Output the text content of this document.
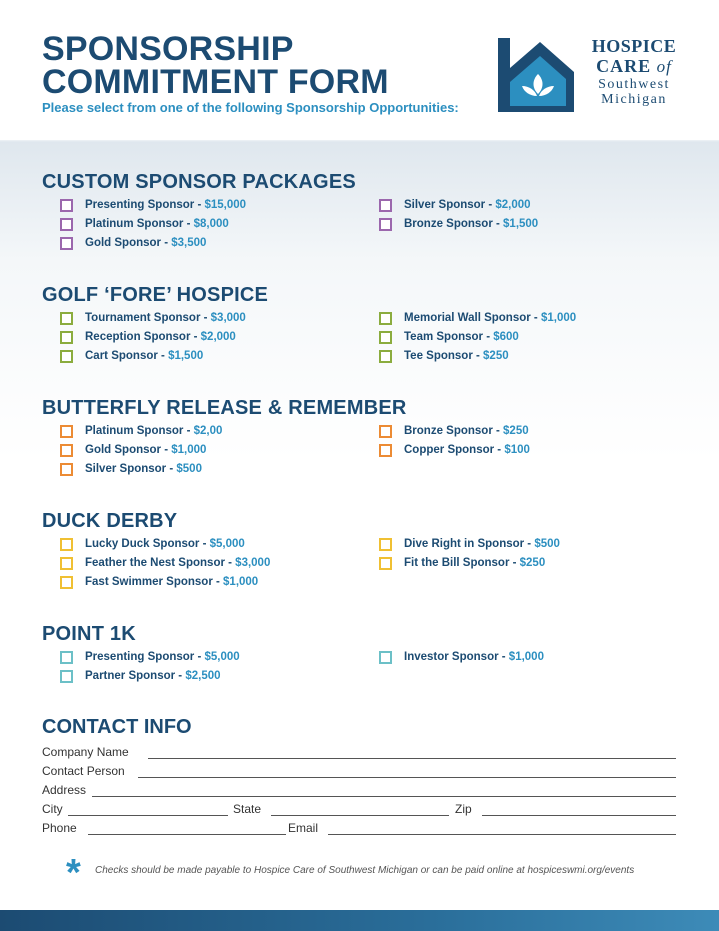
SPONSORSHIP
COMMITMENT FORM

Please select from one of the following Sponsorship Opportunities:

HOSPICE
CARE of
Southwest
Michigan
CUSTOM SPONSOR PACKAGES
Presenting Sponsor - $15,000
Platinum Sponsor - $8,000
Gold Sponsor - $3,500
Silver Sponsor - $2,000
Bronze Sponsor - $1,500
GOLF ‘FORE’ HOSPICE
Tournament Sponsor - $3,000
Reception Sponsor - $2,000
Cart Sponsor - $1,500
Memorial Wall Sponsor - $1,000
Team Sponsor - $600
Tee Sponsor - $250
BUTTERFLY RELEASE & REMEMBER
Platinum Sponsor - $2,00
Gold Sponsor - $1,000
Silver Sponsor - $500
Bronze Sponsor - $250
Copper Sponsor - $100
DUCK DERBY
Lucky Duck Sponsor - $5,000
Feather the Nest Sponsor - $3,000
Fast Swimmer Sponsor - $1,000
Dive Right in Sponsor - $500
Fit the Bill Sponsor - $250
POINT 1K
Presenting Sponsor - $5,000
Partner Sponsor - $2,500
Investor Sponsor - $1,000
CONTACT INFO
Company Name
Contact Person
Address
City	State	Zip
Phone	Email
* Checks should be made payable to Hospice Care of Southwest Michigan or can be paid online at hospiceswmi.org/events
